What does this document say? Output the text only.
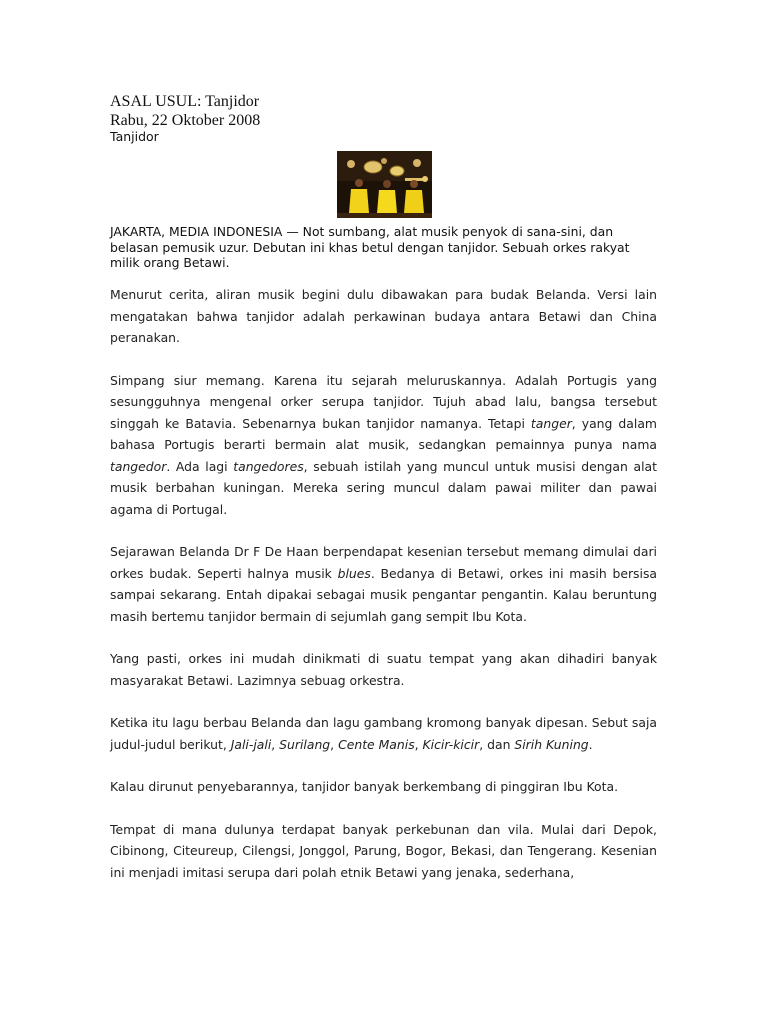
ASAL USUL: Tanjidor
Rabu, 22 Oktober 2008
Tanjidor
JAKARTA, MEDIA INDONESIA — Not sumbang, alat musik penyok di sana-sini, dan belasan pemusik uzur. Debutan ini khas betul dengan tanjidor. Sebuah orkes rakyat milik orang Betawi.

Menurut cerita, aliran musik begini dulu dibawakan para budak Belanda. Versi lain mengatakan bahwa tanjidor adalah perkawinan budaya antara Betawi dan China peranakan.

Simpang siur memang. Karena itu sejarah meluruskannya. Adalah Portugis yang sesungguhnya mengenal orker serupa tanjidor. Tujuh abad lalu, bangsa tersebut singgah ke Batavia. Sebenarnya bukan tanjidor namanya. Tetapi tanger, yang dalam bahasa Portugis berarti bermain alat musik, sedangkan pemainnya punya nama tangedor. Ada lagi tangedores, sebuah istilah yang muncul untuk musisi dengan alat musik berbahan kuningan. Mereka sering muncul dalam pawai militer dan pawai agama di Portugal.

Sejarawan Belanda Dr F De Haan berpendapat kesenian tersebut memang dimulai dari orkes budak. Seperti halnya musik blues. Bedanya di Betawi, orkes ini masih bersisa sampai sekarang. Entah dipakai sebagai musik pengantar pengantin. Kalau beruntung masih bertemu tanjidor bermain di sejumlah gang sempit Ibu Kota.

Yang pasti, orkes ini mudah dinikmati di suatu tempat yang akan dihadiri banyak masyarakat Betawi. Lazimnya sebuag orkestra.

Ketika itu lagu berbau Belanda dan lagu gambang kromong banyak dipesan. Sebut saja judul-judul berikut, Jali-jali, Surilang, Cente Manis, Kicir-kicir, dan Sirih Kuning.

Kalau dirunut penyebarannya, tanjidor banyak berkembang di pinggiran Ibu Kota.

Tempat di mana dulunya terdapat banyak perkebunan dan vila. Mulai dari Depok, Cibinong, Citeureup, Cilengsi, Jonggol, Parung, Bogor, Bekasi, dan Tengerang. Kesenian ini menjadi imitasi serupa dari polah etnik Betawi yang jenaka, sederhana,
